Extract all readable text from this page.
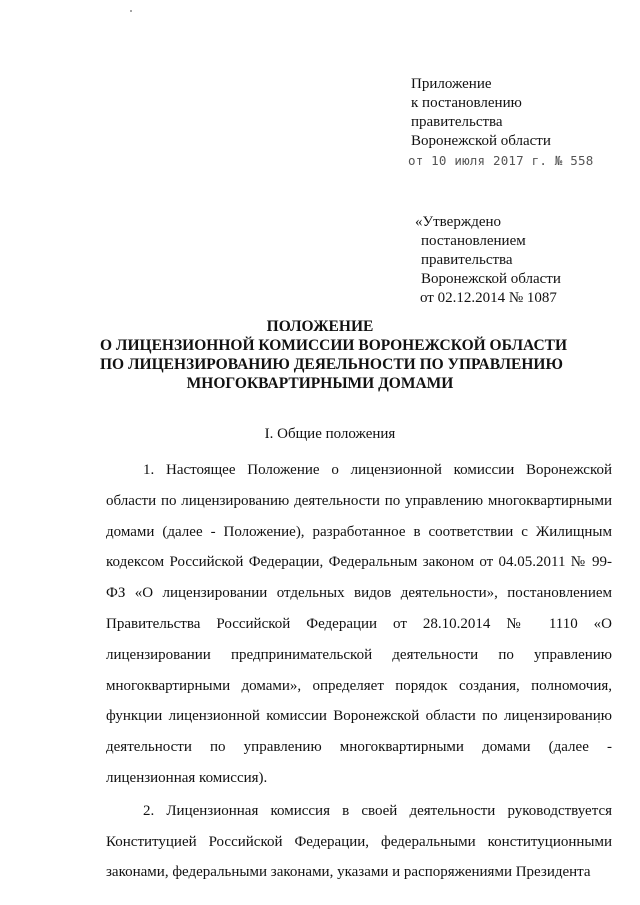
Приложение
к постановлению
правительства
Воронежской области
от 10 июля 2017 г. № 558
«Утверждено
постановлением
правительства
Воронежской области
от 02.12.2014 № 1087
ПОЛОЖЕНИЕ
О ЛИЦЕНЗИОННОЙ КОМИССИИ ВОРОНЕЖСКОЙ ОБЛАСТИ
ПО ЛИЦЕНЗИРОВАНИЮ ДЕЯЕЛЬНОСТИ ПО УПРАВЛЕНИЮ
МНОГОКВАРТИРНЫМИ ДОМАМИ
I. Общие положения

1. Настоящее Положение о лицензионной комиссии Воронежской области по лицензированию деятельности по управлению многоквартирными домами (далее - Положение), разработанное в соответствии с Жилищным кодексом Российской Федерации, Федеральным законом от 04.05.2011 № 99-ФЗ «О лицензировании отдельных видов деятельности», постановлением Правительства Российской Федерации от 28.10.2014 № 1110 «О лицензировании предпринимательской деятельности по управлению многоквартирными домами», определяет порядок создания, полномочия, функции лицензионной комиссии Воронежской области по лицензированию деятельности по управлению многоквартирными домами (далее - лицензионная комиссия).

2. Лицензионная комиссия в своей деятельности руководствуется Конституцией Российской Федерации, федеральными конституционными законами, федеральными законами, указами и распоряжениями Президента
